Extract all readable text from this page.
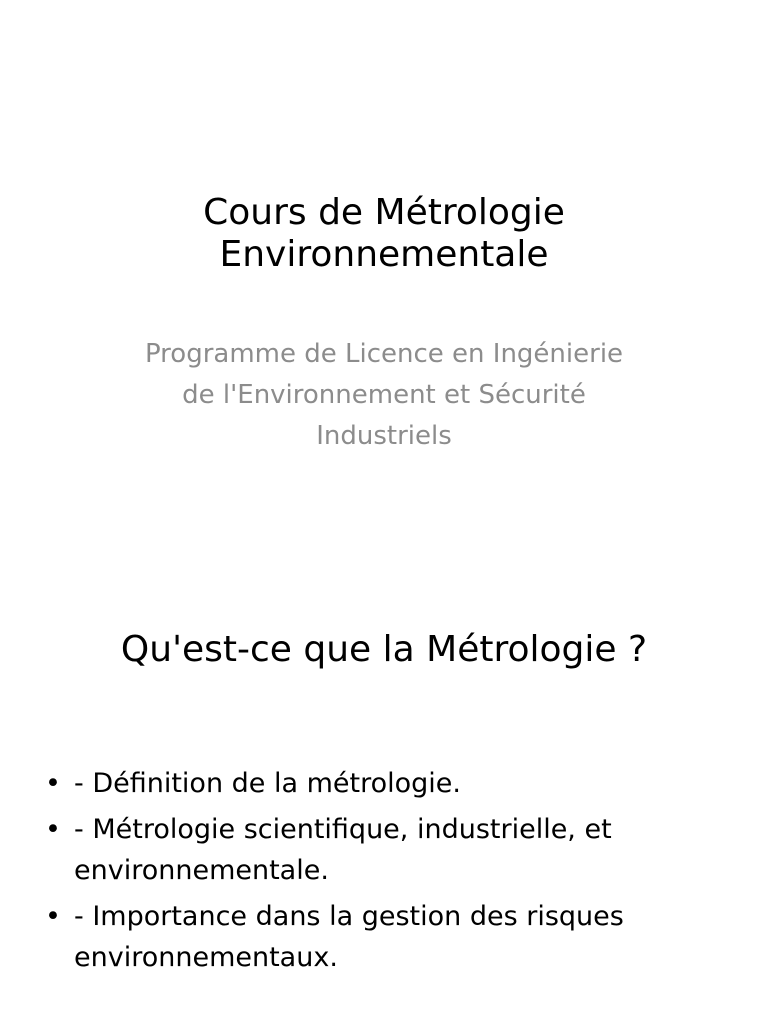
Cours de Métrologie
Environnementale

Programme de Licence en Ingénierie
de l'Environnement et Sécurité
Industriels

Qu'est-ce que la Métrologie ?
• - Définition de la métrologie.
• - Métrologie scientifique, industrielle, et
environnementale.
• - Importance dans la gestion des risques
environnementaux.
